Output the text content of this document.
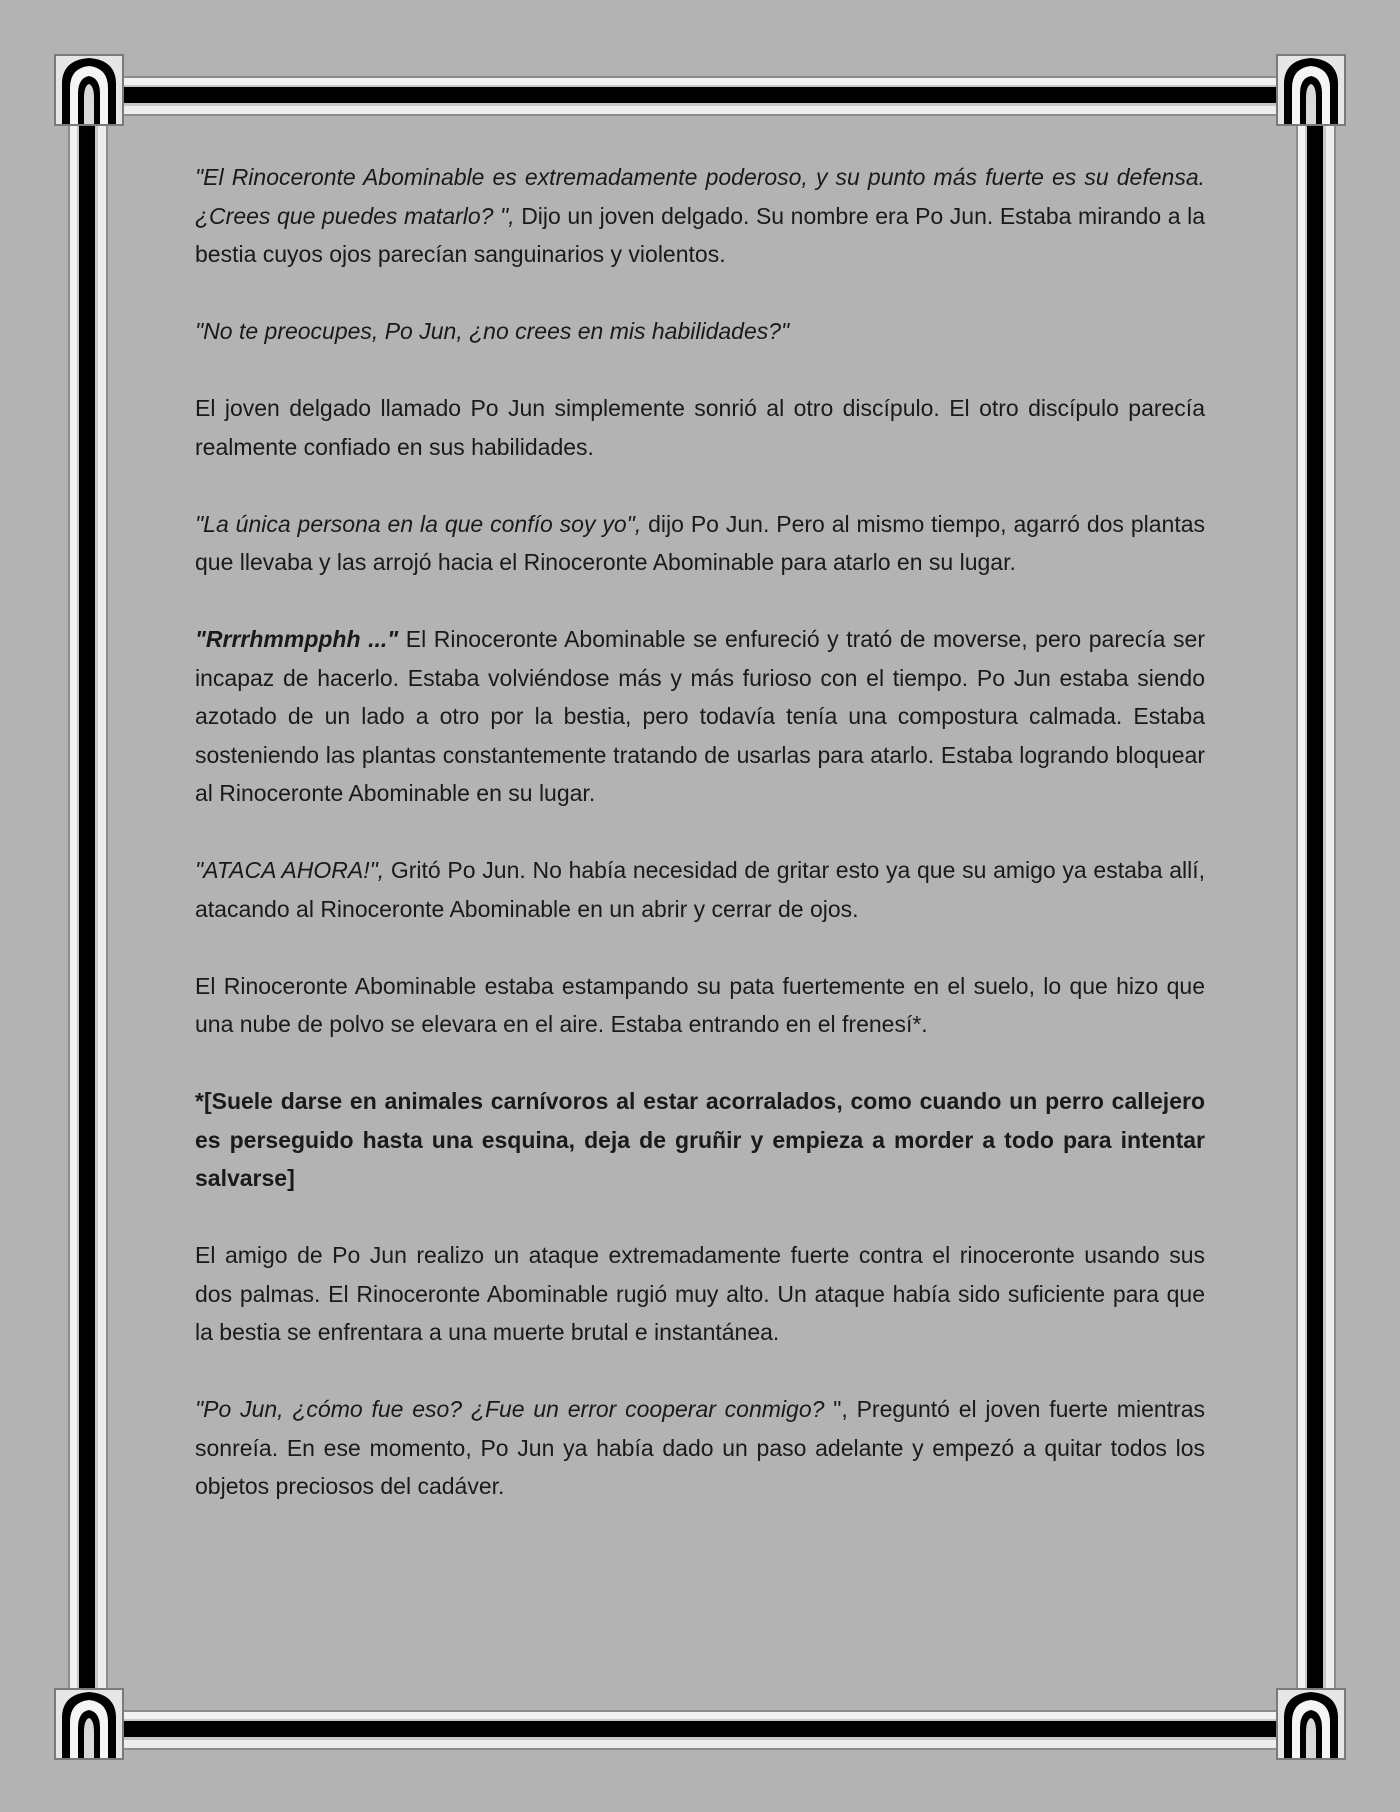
"El Rinoceronte Abominable es extremadamente poderoso, y su punto más fuerte es su defensa. ¿Crees que puedes matarlo? ", Dijo un joven delgado. Su nombre era Po Jun. Estaba mirando a la bestia cuyos ojos parecían sanguinarios y violentos.

"No te preocupes, Po Jun, ¿no crees en mis habilidades?"

El joven delgado llamado Po Jun simplemente sonrió al otro discípulo. El otro discípulo parecía realmente confiado en sus habilidades.

"La única persona en la que confío soy yo", dijo Po Jun. Pero al mismo tiempo, agarró dos plantas que llevaba y las arrojó hacia el Rinoceronte Abominable para atarlo en su lugar.

"Rrrrhmmpphh ..." El Rinoceronte Abominable se enfureció y trató de moverse, pero parecía ser incapaz de hacerlo. Estaba volviéndose más y más furioso con el tiempo. Po Jun estaba siendo azotado de un lado a otro por la bestia, pero todavía tenía una compostura calmada. Estaba sosteniendo las plantas constantemente tratando de usarlas para atarlo. Estaba logrando bloquear al Rinoceronte Abominable en su lugar.

"ATACA AHORA!", Gritó Po Jun. No había necesidad de gritar esto ya que su amigo ya estaba allí, atacando al Rinoceronte Abominable en un abrir y cerrar de ojos.

El Rinoceronte Abominable estaba estampando su pata fuertemente en el suelo, lo que hizo que una nube de polvo se elevara en el aire. Estaba entrando en el frenesí*.

*[Suele darse en animales carnívoros al estar acorralados, como cuando un perro callejero es perseguido hasta una esquina, deja de gruñir y empieza a morder a todo para intentar salvarse]

El amigo de Po Jun realizo un ataque extremadamente fuerte contra el rinoceronte usando sus dos palmas. El Rinoceronte Abominable rugió muy alto. Un ataque había sido suficiente para que la bestia se enfrentara a una muerte brutal e instantánea.

"Po Jun, ¿cómo fue eso? ¿Fue un error cooperar conmigo? ", Preguntó el joven fuerte mientras sonreía. En ese momento, Po Jun ya había dado un paso adelante y empezó a quitar todos los objetos preciosos del cadáver.
